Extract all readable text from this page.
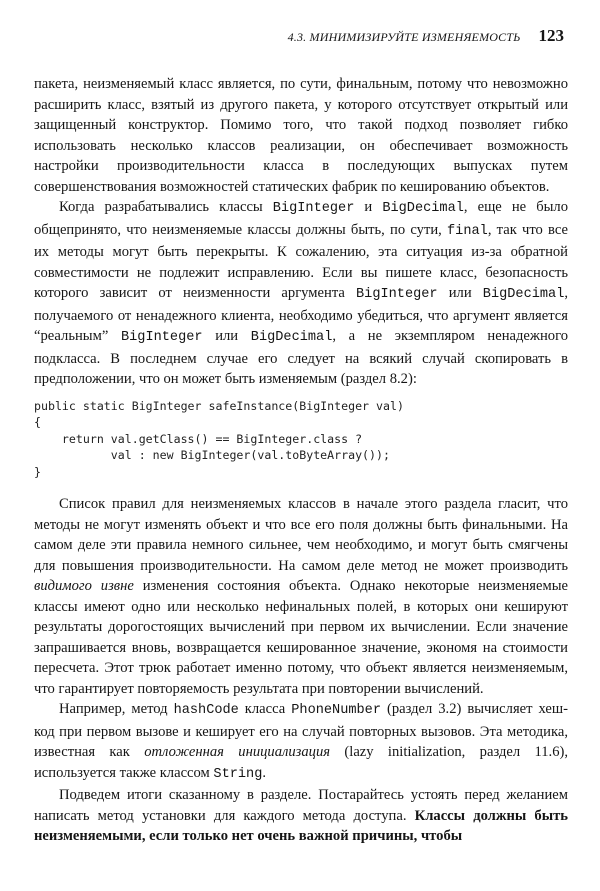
4.3. МИНИМИЗИРУЙТЕ ИЗМЕНЯЕМОСТЬ 123

пакета, неизменяемый класс является, по сути, финальным, потому что невозможно расширить класс, взятый из другого пакета, у которого отсутствует открытый или защищенный конструктор. Помимо того, что такой подход позволяет гибко использовать несколько классов реализации, он обеспечивает возможность настройки производительности класса в последующих выпусках путем совершенствования возможностей статических фабрик по кешированию объектов.

Когда разрабатывались классы BigInteger и BigDecimal, еще не было общепринято, что неизменяемые классы должны быть, по сути, final, так что все их методы могут быть перекрыты. К сожалению, эта ситуация из-за обратной совместимости не подлежит исправлению. Если вы пишете класс, безопасность которого зависит от неизменности аргумента BigInteger или BigDecimal, получаемого от ненадежного клиента, необходимо убедиться, что аргумент является “реальным” BigInteger или BigDecimal, а не экземпляром ненадежного подкласса. В последнем случае его следует на всякий случай скопировать в предположении, что он может быть изменяемым (раздел 8.2):

public static BigInteger safeInstance(BigInteger val)
{
return val.getClass() == BigInteger.class ?
val : new BigInteger(val.toByteArray());
}

Список правил для неизменяемых классов в начале этого раздела гласит, что методы не могут изменять объект и что все его поля должны быть финальными. На самом деле эти правила немного сильнее, чем необходимо, и могут быть смягчены для повышения производительности. На самом деле метод не может производить видимого извне изменения состояния объекта. Однако некоторые неизменяемые классы имеют одно или несколько нефинальных полей, в которых они кешируют результаты дорогостоящих вычислений при первом их вычислении. Если значение запрашивается вновь, возвращается кешированное значение, экономя на стоимости пересчета. Этот трюк работает именно потому, что объект является неизменяемым, что гарантирует повторяемость результата при повторении вычислений.

Например, метод hashCode класса PhoneNumber (раздел 3.2) вычисляет хеш-код при первом вызове и кеширует его на случай повторных вызовов. Эта методика, известная как отложенная инициализация (lazy initialization, раздел 11.6), используется также классом String.

Подведем итоги сказанному в разделе. Постарайтесь устоять перед желанием написать метод установки для каждого метода доступа. Классы должны быть неизменяемыми, если только нет очень важной причины, чтобы
